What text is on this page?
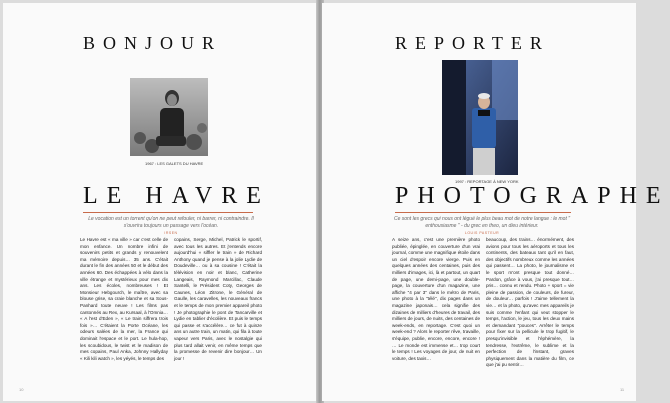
BONJOUR
1967 : LES GALETS DU HAVRE
LE HAVRE
Le vocation est un torrent qu'on ne peut refouler, ni barrer, ni contraindre. Il s'ouvrira toujours un passage vers l'océan.
IRSEN

Le Havre est « ma ville » car c'est celle de mon enfance. Un nombre infini de souvenirs petits et grands y renouvelent ma mémoire depuis… 35 ans. C'était durant le fin des années 50 et le début des années 60. Des échappées à vélo dans la ville étrange et mystérieux pour mes dix ans. Les écoles, nombreuses ! Et Monsieur Hebgourch, le maître, avec sa blouse grise, sa craie blanche et sa Sous-Panhard toute neuve ! Les films pas cantonnés au Rex, au Kursaal, à l'Omnia… « A l'est d'Eden », « Le train siffrera trois fois »… C'étaient la Porte Océane, les odeurs salées de la mer, la France qui dominait l'espace et le port. Le hula-hop, les scoubidous, le twist et le madison de mes copains, Paul Anka, Johnny Hallyday « Kili kili watch », les yéyés, le temps des

copains, Serge, Michel, Patrick le sportif, avec tous les autres. Et j'entends encore aujourd'hui « siffler le train » de Richard Anthony quand je pense à la jolie Lydie de Doudeville… ou à sa cousine ! C'était la télévision en noir et blanc, Catherine Langeais, Raymond Marcillac, Claude Santelli, le Président Coty, Georges de Caunes, Léon Zitrone, le Général de Gaulle, les caravelles, les nouveaux francs et le temps de mon premier appareil photo ! Je photographie le pont de Tancarville et Lydie en tablier d'écolière. Et puis le temps qui passe et s'accélère… ce fut à quinze ans un autre train, un matin, qui fila à toute vapeur vers Paris, avec le nostalgie qui plus tard allait venir, en même temps que la promesse de revenir dire bonjour… Un jour !

10
REPORTER
1997 : REPORTAGE À NEW YORK
PHOTOGRAPHE
Ce sont les grecs qui nous ont légué le plus beau mot de notre langue : le mot " enthousiasme " - du grec en theo, un dieu intérieur.
LOUIS PASTEUR

A seize ans, c'est une première photo publiée, épinglée, en couverture d'un vrai journal, comme une magnifique étoile dans un ciel d'espoir encore vierge. Puis en quelques années des centaines, puis des milliers d'images, ici, là et partout, un quart de page, une demi-page, une double-page, la couverture d'un magazine, une affiche "4 par 3" dans le métro de Paris, une photo à la "télé", dix pages dans un magazine japonais… cela signifie des dizaines de milliers d'heures de travail, des milliers de jours, de nuits, des centaines de week-ends, en reportage. C'est quoi un week-end ? Alors le reporter rêve, travaille, s'équipe, publie, encore, encore, encore ! … Le monde est immense et… trop court le temps ! Les voyages de jour, de nuit en voiture, des taxis…

beaucoup, des trains… énormément, des avions pour tous les aéroports et tous les continents, des bateaux tant qu'il en faut, des objectifs nombreux comme les années qui passent… La photo, le journalisme et le sport m'ont presque tout donné… Pardon, grâce à vous, j'ai presque tout… pris… connu et rendu. Photo + sport = vie pleine de passion, de couleurs, de fureur, de douleur… parfois ! J'aime tellement la vie… et la photo, qu'avec mes appareils je suis comme l'enfant qui veut stopper le temps, l'action, le jeu, tous les deux mains et demandant "pouces". Arrêter le temps pour fixer sur la pellicule le trop fugitif, le presqu'invisible et l'éphémère, la tendresse, l'extrême, le sublime et la perfection de l'instant, graves physiquement dans la matière du film, ce que j'ai pu sentir…

11
